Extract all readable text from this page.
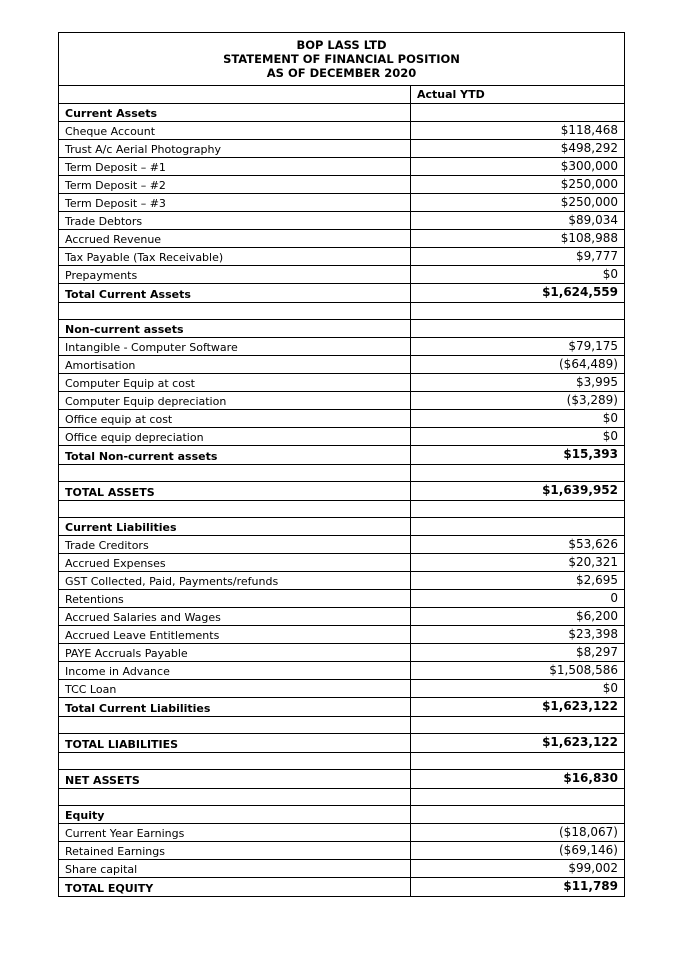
BOP LASS LTD
STATEMENT OF FINANCIAL POSITION
AS OF DECEMBER 2020	

	Actual YTD
Current Assets	
Cheque Account	$118,468
Trust A/c Aerial Photography	$498,292
Term Deposit – #1	$300,000
Term Deposit – #2	$250,000
Term Deposit – #3	$250,000
Trade Debtors	$89,034
Accrued Revenue	$108,988
Tax Payable (Tax Receivable)	$9,777
Prepayments	$0
Total Current Assets	$1,624,559

Non-current assets	
Intangible - Computer Software	$79,175
Amortisation	($64,489)
Computer Equip at cost	$3,995
Computer Equip depreciation	($3,289)
Office equip at cost	$0
Office equip depreciation	$0
Total Non-current assets	$15,393

TOTAL ASSETS	$1,639,952

Current Liabilities	
Trade Creditors	$53,626
Accrued Expenses	$20,321
GST Collected, Paid, Payments/refunds	$2,695
Retentions	0
Accrued Salaries and Wages	$6,200
Accrued Leave Entitlements	$23,398
PAYE Accruals Payable	$8,297
Income in Advance	$1,508,586
TCC Loan	$0
Total Current Liabilities	$1,623,122

TOTAL LIABILITIES	$1,623,122

NET ASSETS	$16,830

Equity	
Current Year Earnings	($18,067)
Retained Earnings	($69,146)
Share capital	$99,002
TOTAL EQUITY	$11,789
